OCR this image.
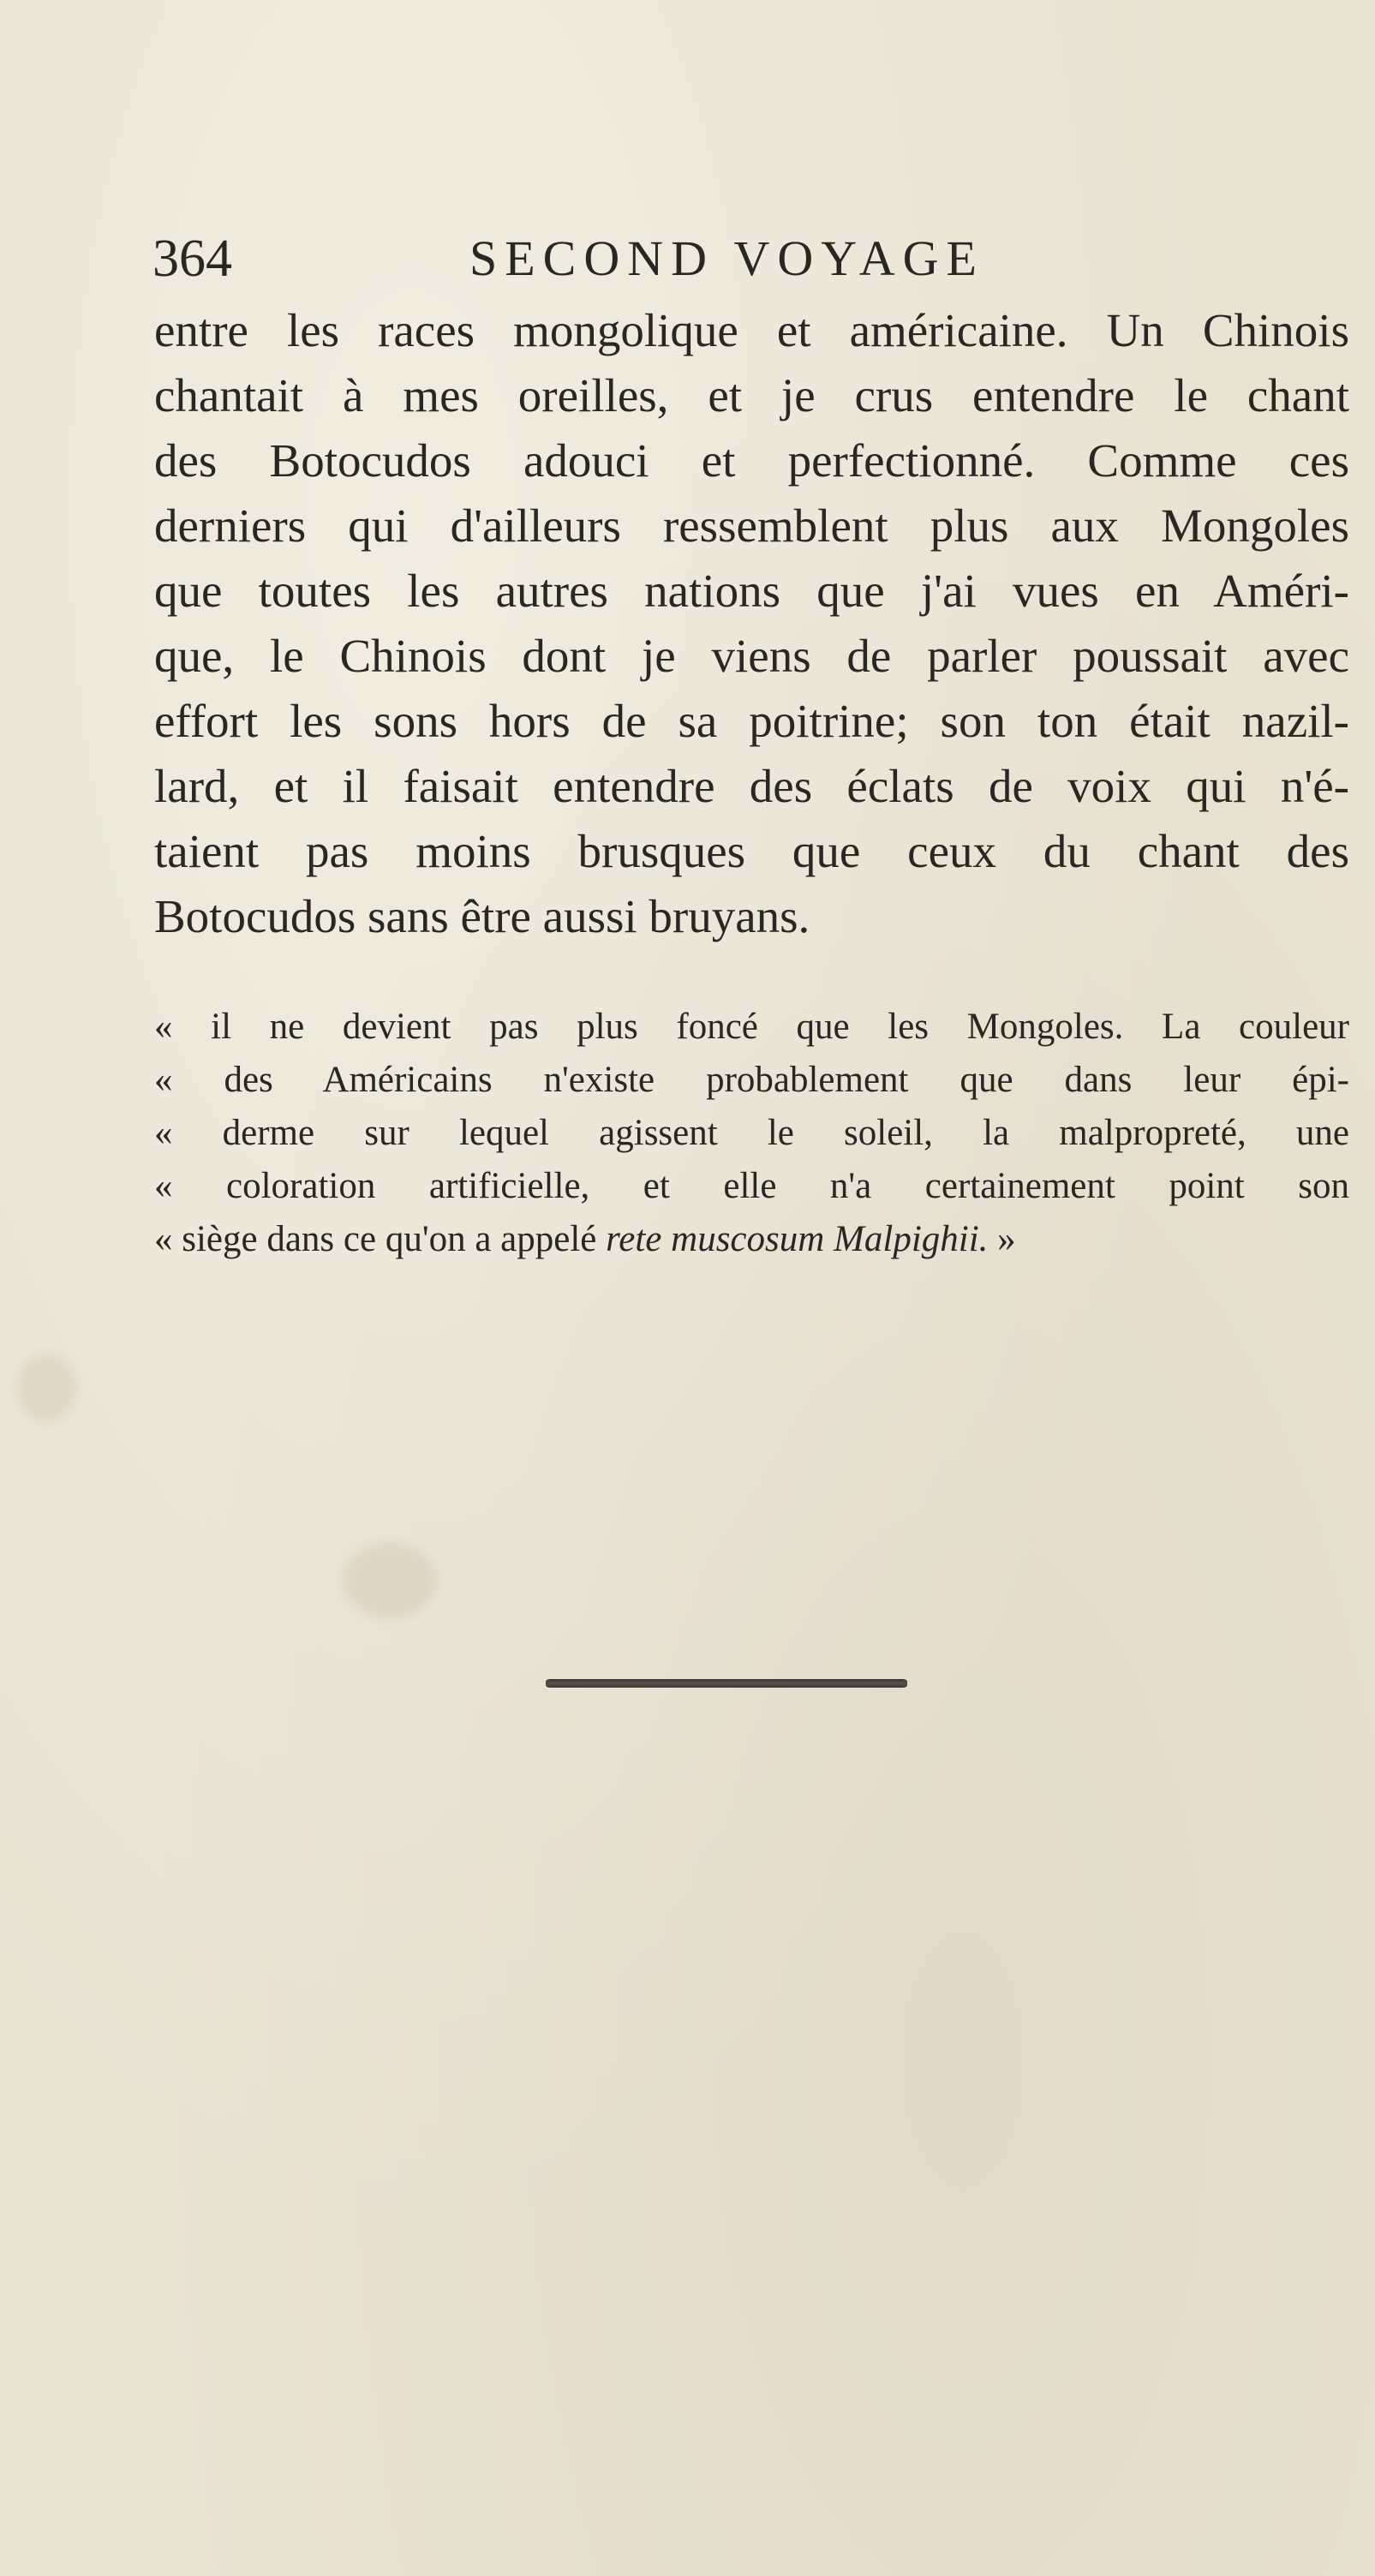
364	SECOND VOYAGE
entre les races mongolique et américaine. Un Chinois
chantait à mes oreilles, et je crus entendre le chant
des Botocudos adouci et perfectionné. Comme ces
derniers qui d'ailleurs ressemblent plus aux Mongoles
que toutes les autres nations que j'ai vues en Améri-
que, le Chinois dont je viens de parler poussait avec
effort les sons hors de sa poitrine; son ton était nazil-
lard, et il faisait entendre des éclats de voix qui n'é-
taient pas moins brusques que ceux du chant des
Botocudos sans être aussi bruyans.
« il ne devient pas plus foncé que les Mongoles. La couleur
« des Américains n'existe probablement que dans leur épi-
« derme sur lequel agissent le soleil, la malpropreté, une
« coloration artificielle, et elle n'a certainement point son
« siège dans ce qu'on a appelé rete muscosum Malpighii. »
